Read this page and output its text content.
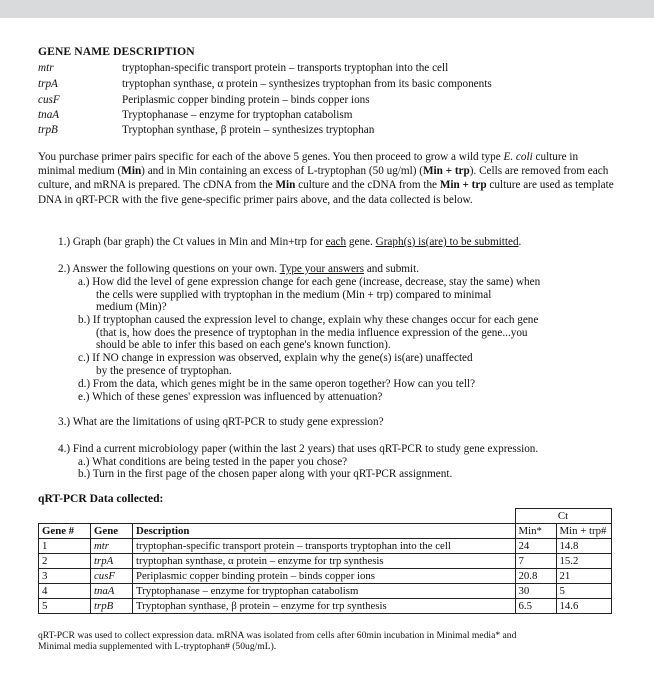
GENE NAME DESCRIPTION
mtr	tryptophan-specific transport protein – transports tryptophan into the cell
trpA	tryptophan synthase, α protein – synthesizes tryptophan from its basic components
cusF	Periplasmic copper binding protein – binds copper ions
tnaA	Tryptophanase – enzyme for tryptophan catabolism
trpB	Tryptophan synthase, β protein – synthesizes tryptophan
You purchase primer pairs specific for each of the above 5 genes. You then proceed to grow a wild type E. coli culture in minimal medium (Min) and in Min containing an excess of L-tryptophan (50 ug/ml) (Min + trp). Cells are removed from each culture, and mRNA is prepared. The cDNA from the Min culture and the cDNA from the Min + trp culture are used as template DNA in qRT-PCR with the five gene-specific primer pairs above, and the data collected is below.
1.) Graph (bar graph) the Ct values in Min and Min+trp for each gene. Graph(s) is(are) to be submitted.
2.) Answer the following questions on your own. Type your answers and submit.
a.) How did the level of gene expression change for each gene (increase, decrease, stay the same) when
the cells were supplied with tryptophan in the medium (Min + trp) compared to minimal
medium (Min)?
b.) If tryptophan caused the expression level to change, explain why these changes occur for each gene
(that is, how does the presence of tryptophan in the media influence expression of the gene...you
should be able to infer this based on each gene's known function).
c.) If NO change in expression was observed, explain why the gene(s) is(are) unaffected
by the presence of tryptophan.
d.) From the data, which genes might be in the same operon together? How can you tell?
e.) Which of these genes' expression was influenced by attenuation?
3.) What are the limitations of using qRT-PCR to study gene expression?
4.) Find a current microbiology paper (within the last 2 years) that uses qRT-PCR to study gene expression.
a.) What conditions are being tested in the paper you chose?
b.) Turn in the first page of the chosen paper along with your qRT-PCR assignment.
qRT-PCR Data collected:
			Ct	
Gene #	Gene	Description	Min*	Min + trp#
1	mtr	tryptophan-specific transport protein – transports tryptophan into the cell	24	14.8
2	trpA	tryptophan synthase, α protein – enzyme for trp synthesis	7	15.2
3	cusF	Periplasmic copper binding protein – binds copper ions	20.8	21
4	tnaA	Tryptophanase – enzyme for tryptophan catabolism	30	5
5	trpB	Tryptophan synthase, β protein – enzyme for trp synthesis	6.5	14.6
qRT-PCR was used to collect expression data. mRNA was isolated from cells after 60min incubation in Minimal media* and
Minimal media supplemented with L-tryptophan# (50ug/mL).
